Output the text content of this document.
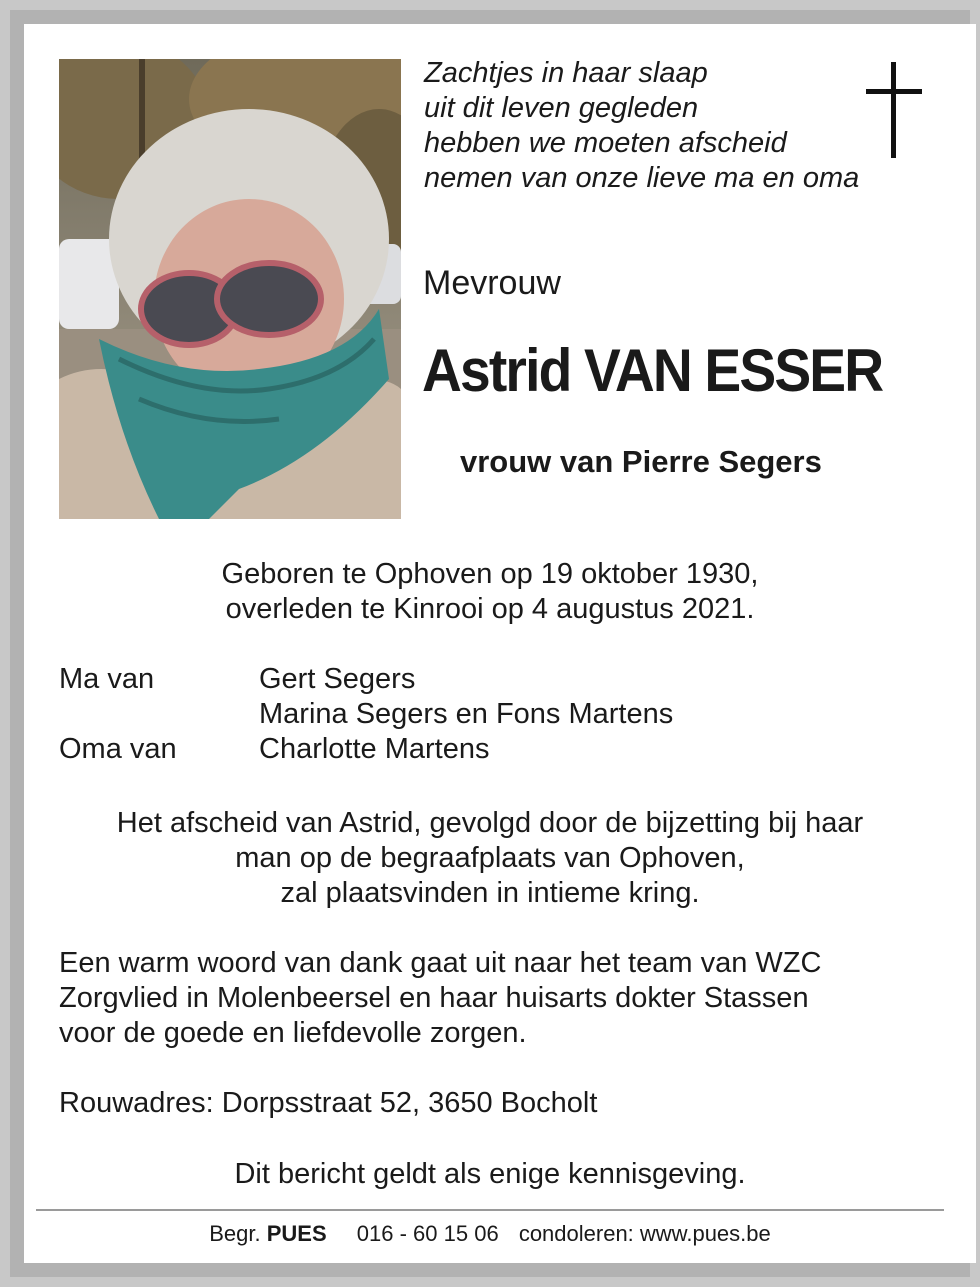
Zachtjes in haar slaap
uit dit leven gegleden
hebben we moeten afscheid
nemen van onze lieve ma en oma
Mevrouw
Astrid VAN ESSER
vrouw van Pierre Segers
Geboren te Ophoven op 19 oktober 1930,
overleden te Kinrooi op 4 augustus 2021.
Ma van	Gert Segers
Marina Segers en Fons Martens
Oma van	Charlotte Martens
Het afscheid van Astrid, gevolgd door de bijzetting bij haar
man op de begraafplaats van Ophoven,
zal plaatsvinden in intieme kring.
Een warm woord van dank gaat uit naar het team van WZC
Zorgvlied in Molenbeersel en haar huisarts dokter Stassen
voor de goede en liefdevolle zorgen.
Rouwadres: Dorpsstraat 52, 3650 Bocholt
Dit bericht geldt als enige kennisgeving.
Begr. PUES 016 - 60 15 06 condoleren: www.pues.be
